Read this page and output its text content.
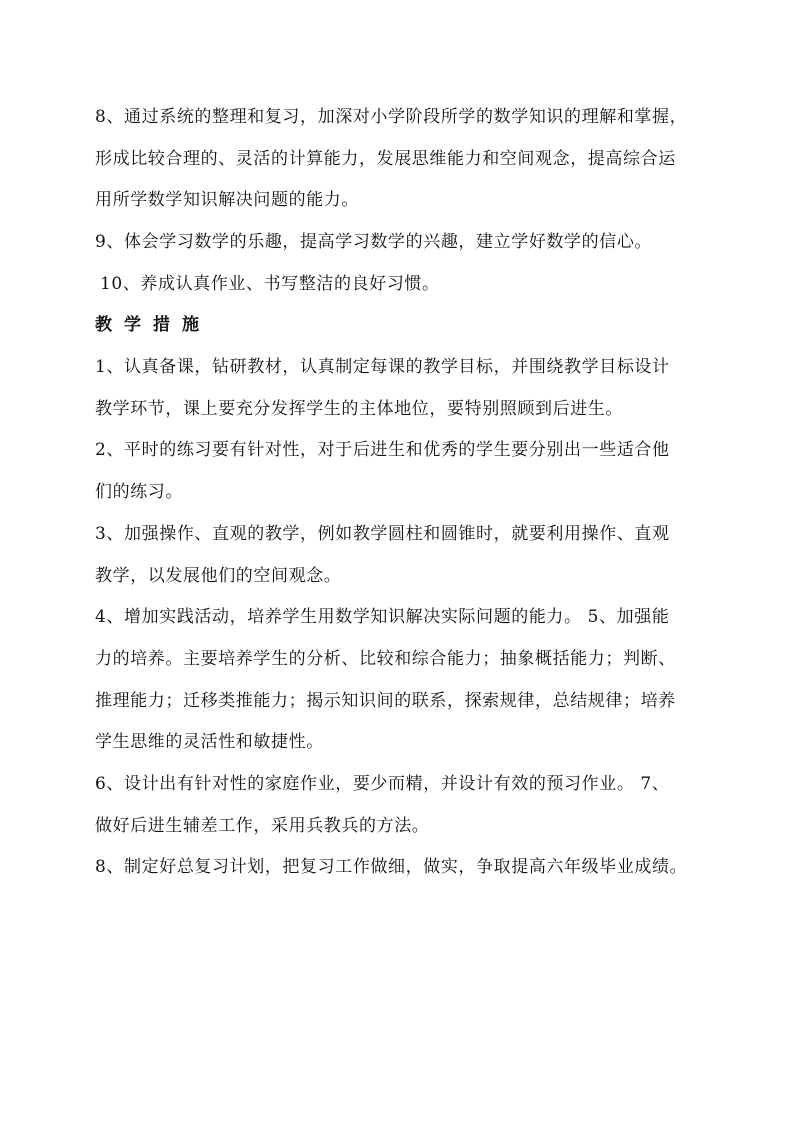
8、通过系统的整理和复习，加深对小学阶段所学的数学知识的理解和掌握，
形成比较合理的、灵活的计算能力，发展思维能力和空间观念，提高综合运
用所学数学知识解决问题的能力。
9、体会学习数学的乐趣，提高学习数学的兴趣，建立学好数学的信心。
10、养成认真作业、书写整洁的良好习惯。
教学措施
1、认真备课，钻研教材，认真制定每课的教学目标，并围绕教学目标设计
教学环节，课上要充分发挥学生的主体地位，要特别照顾到后进生。
2、平时的练习要有针对性，对于后进生和优秀的学生要分别出一些适合他
们的练习。
3、加强操作、直观的教学，例如教学圆柱和圆锥时，就要利用操作、直观
教学，以发展他们的空间观念。
4、增加实践活动，培养学生用数学知识解决实际问题的能力。 5、加强能
力的培养。主要培养学生的分析、比较和综合能力；抽象概括能力；判断、
推理能力；迁移类推能力；揭示知识间的联系，探索规律，总结规律；培养
学生思维的灵活性和敏捷性。
6、设计出有针对性的家庭作业，要少而精，并设计有效的预习作业。 7、
做好后进生辅差工作，采用兵教兵的方法。
8、制定好总复习计划，把复习工作做细，做实，争取提高六年级毕业成绩。
